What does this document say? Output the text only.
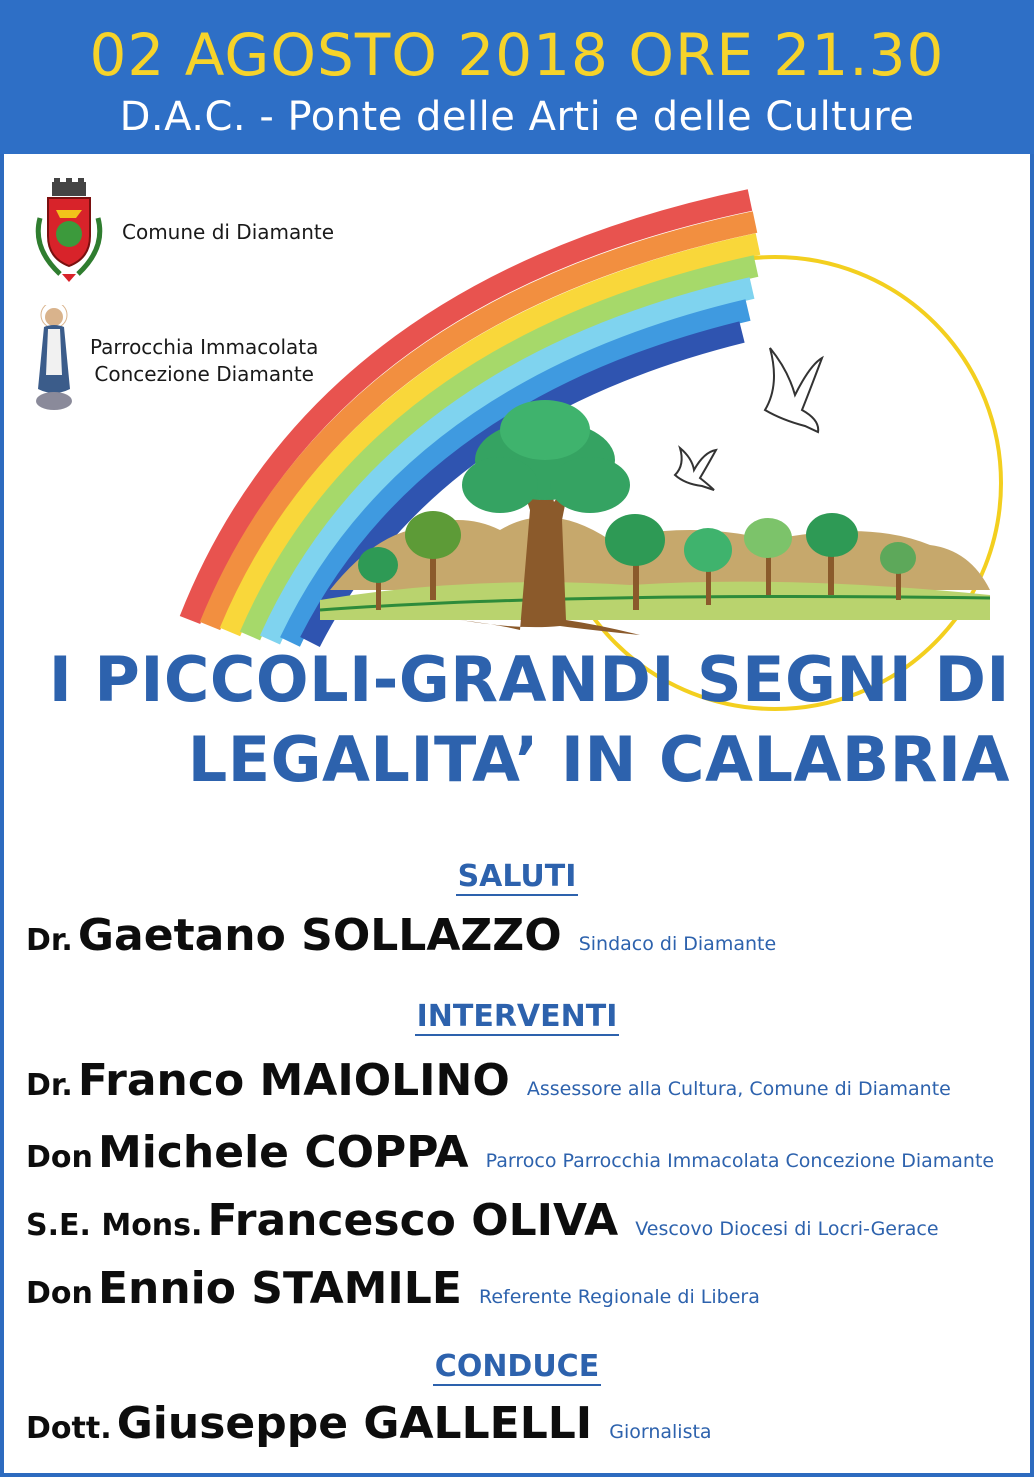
02 AGOSTO 2018 ORE 21.30
D.A.C. - Ponte delle Arti e delle Culture
Comune di Diamante
Parrocchia Immacolata
Concezione Diamante
I PICCOLI-GRANDI SEGNI DI
LEGALITA’ IN CALABRIA
SALUTI
Dr. Gaetano SOLLAZZO Sindaco di Diamante
INTERVENTI
Dr. Franco MAIOLINO Assessore alla Cultura, Comune di Diamante
Don Michele COPPA Parroco Parrocchia Immacolata Concezione Diamante
S.E. Mons. Francesco OLIVA Vescovo Diocesi di Locri-Gerace
Don Ennio STAMILE Referente Regionale di Libera
CONDUCE
Dott. Giuseppe GALLELLI Giornalista
